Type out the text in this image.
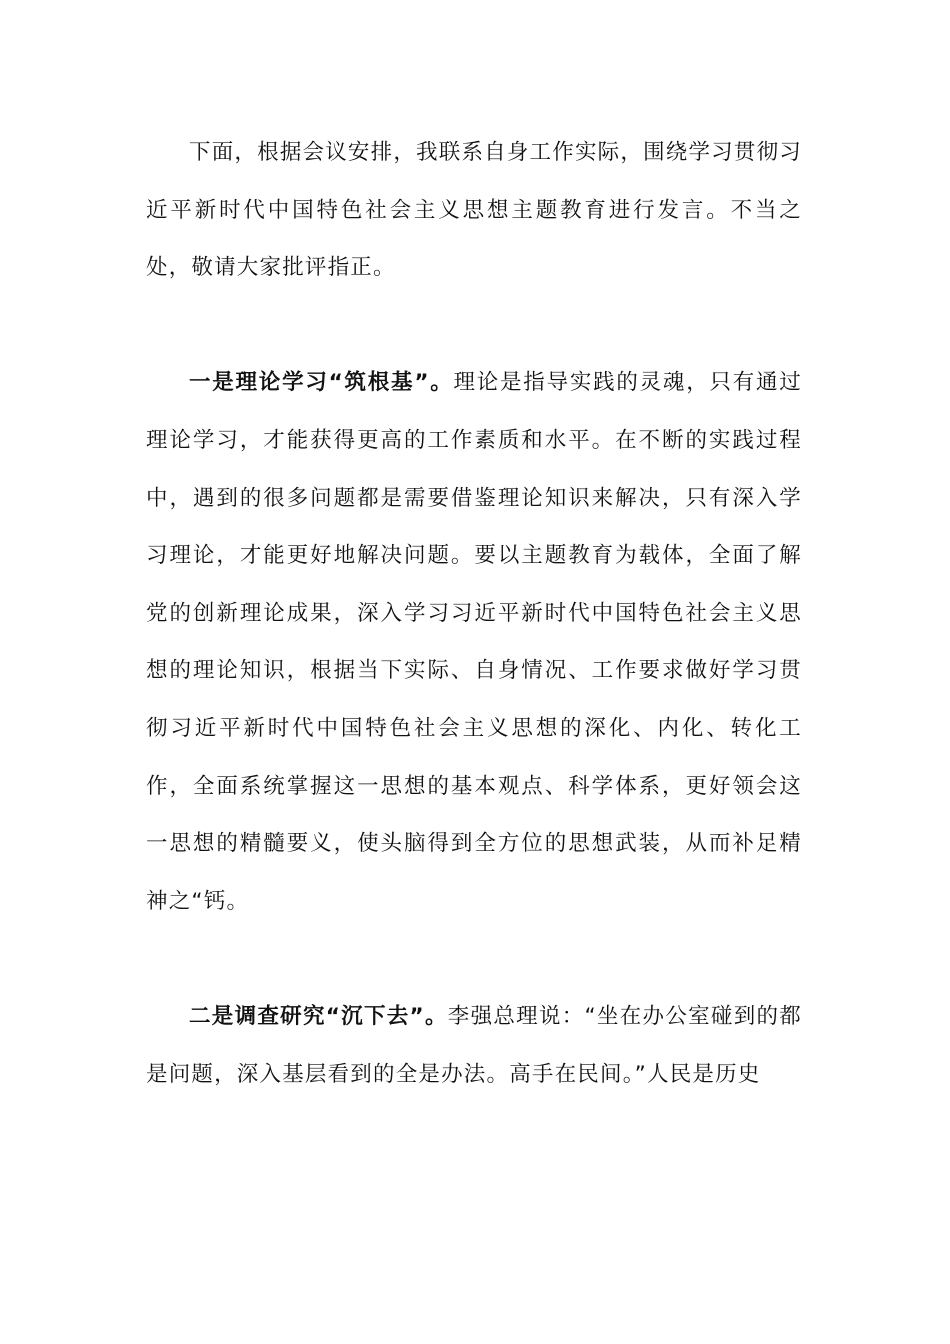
下面，根据会议安排，我联系自身工作实际，围绕学习贯彻习近平新时代中国特色社会主义思想主题教育进行发言。不当之处，敬请大家批评指正。

一是理论学习“筑根基”。理论是指导实践的灵魂，只有通过理论学习，才能获得更高的工作素质和水平。在不断的实践过程中，遇到的很多问题都是需要借鉴理论知识来解决，只有深入学习理论，才能更好地解决问题。要以主题教育为载体，全面了解党的创新理论成果，深入学习习近平新时代中国特色社会主义思想的理论知识，根据当下实际、自身情况、工作要求做好学习贯彻习近平新时代中国特色社会主义思想的深化、内化、转化工作，全面系统掌握这一思想的基本观点、科学体系，更好领会这一思想的精髓要义，使头脑得到全方位的思想武装，从而补足精神之“钙。

二是调查研究“沉下去”。李强总理说：“坐在办公室碰到的都是问题，深入基层看到的全是办法。高手在民间。”人民是历史
